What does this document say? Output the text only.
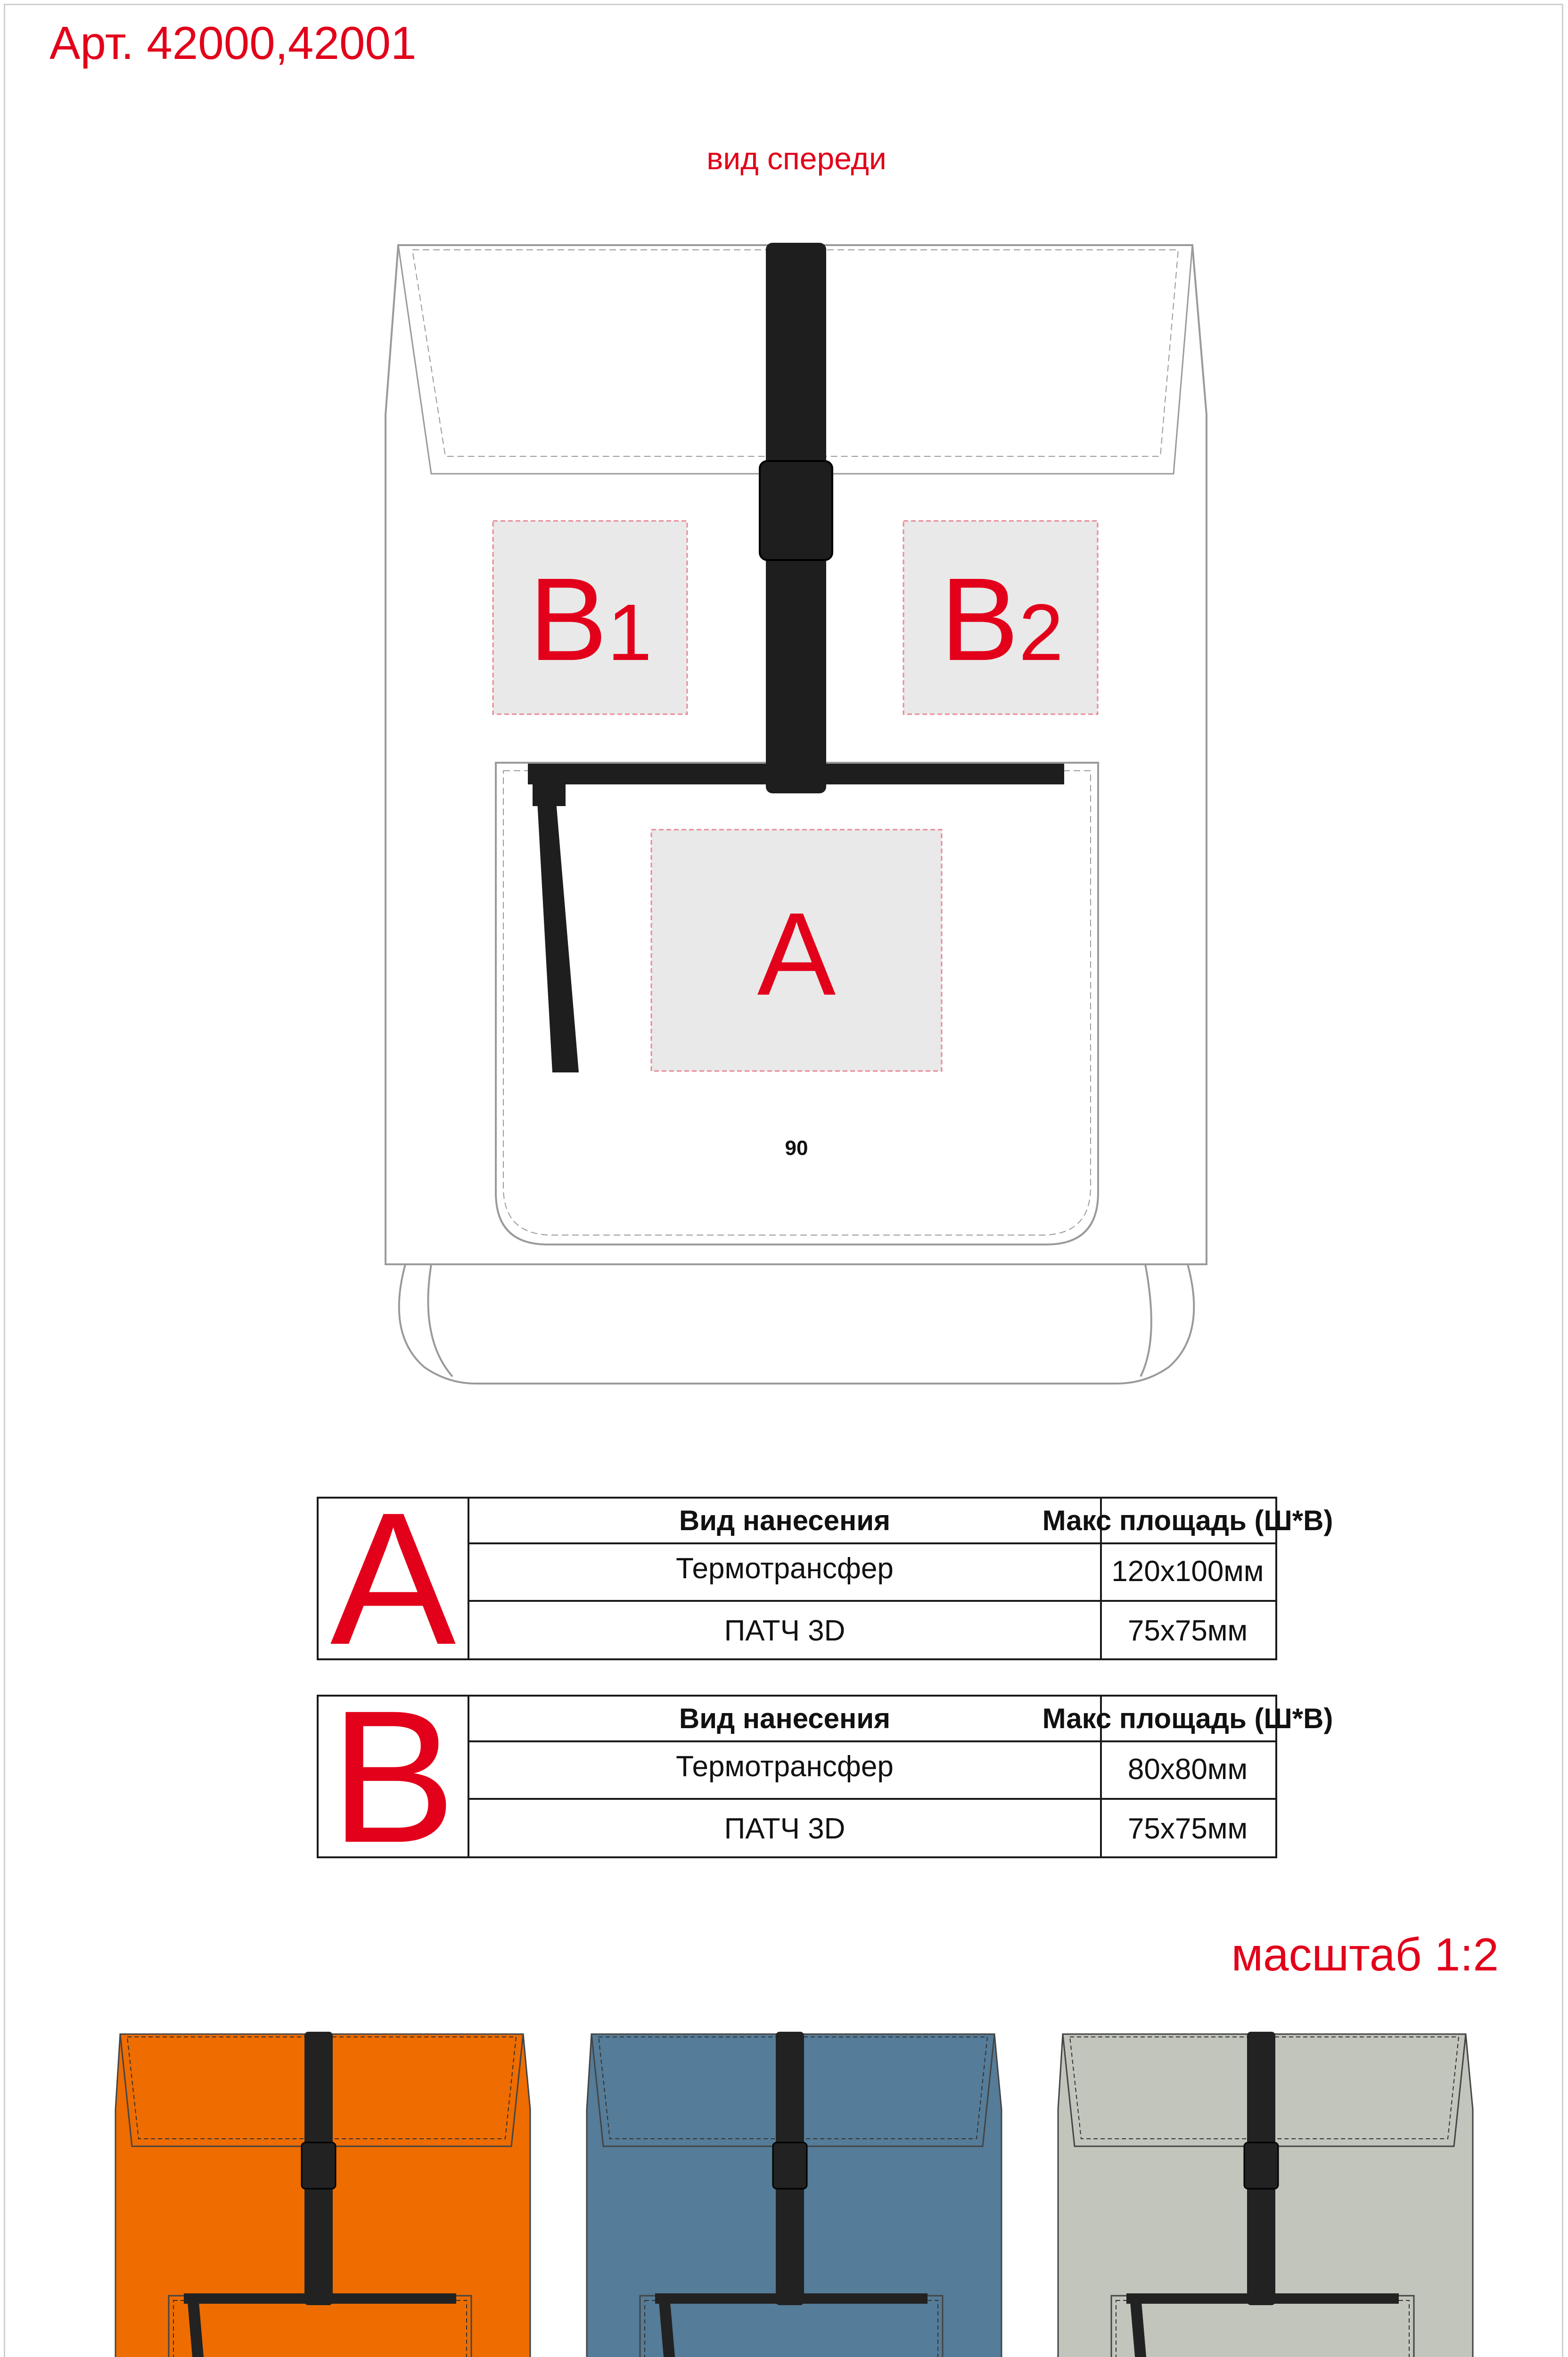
Арт. 42000,42001
вид спереди
B1 B2
A
90
A	Вид нанесения	Макс площадь (Ш*В)
Термотрансфер	120х100мм
ПАТЧ 3D	75х75мм
B	Вид нанесения	Макс площадь (Ш*В)
Термотрансфер	80х80мм
ПАТЧ 3D	75х75мм
масштаб 1:2
